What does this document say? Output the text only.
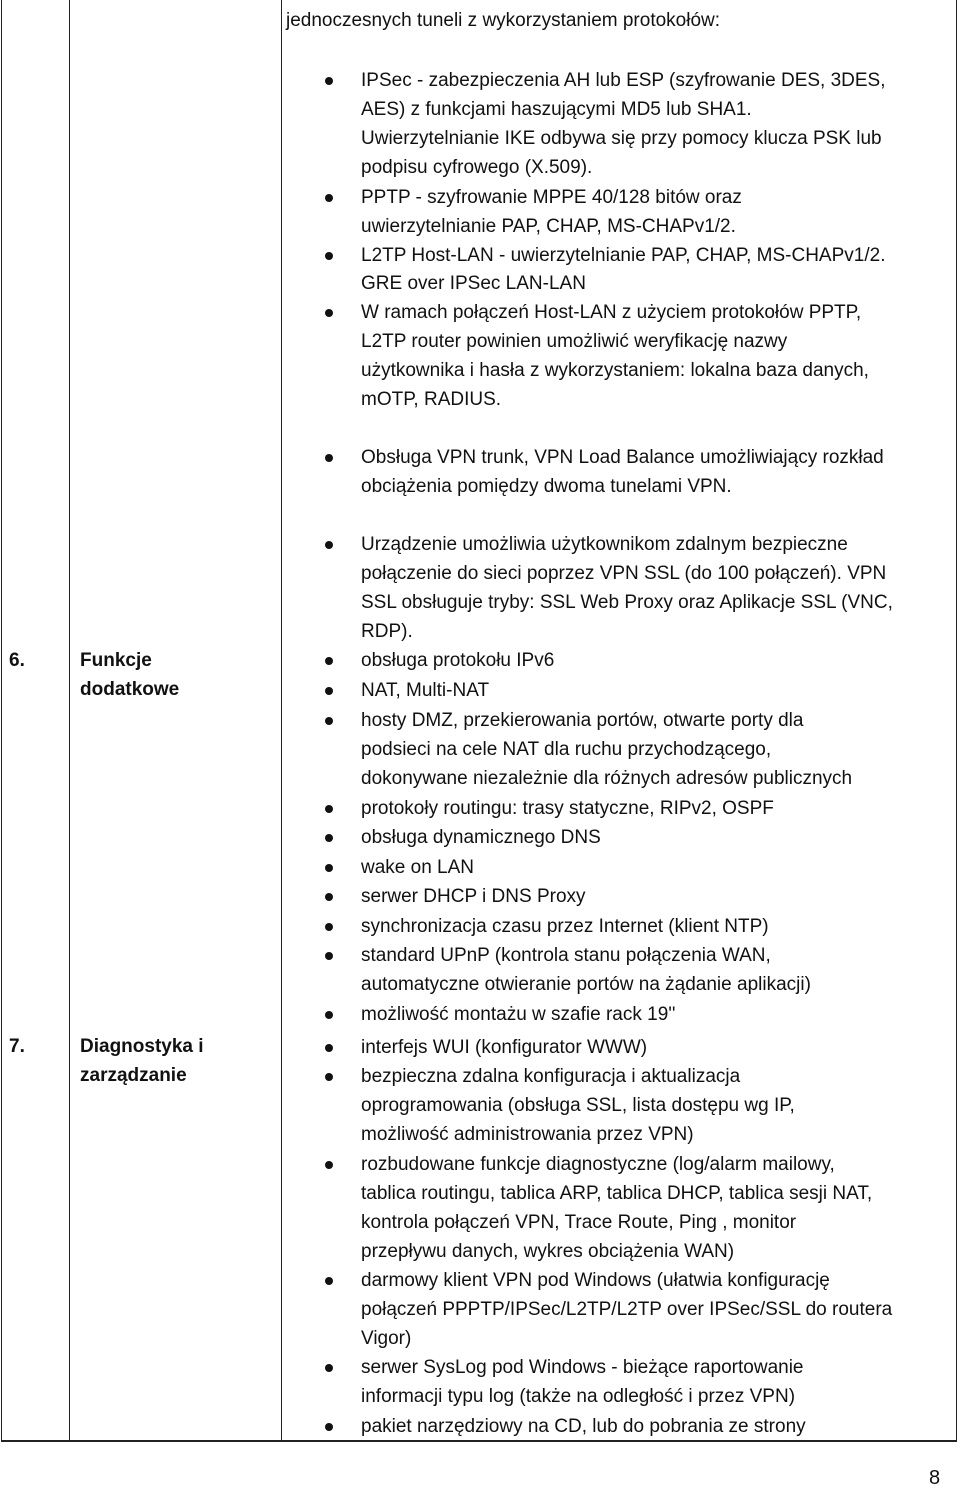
jednoczesnych tuneli z wykorzystaniem protokołów:
6.	Funkcje
dodatkowe
7.	Diagnostyka i
zarządzanie
IPSec - zabezpieczenia AH lub ESP (szyfrowanie DES, 3DES,
AES) z funkcjami haszującymi MD5 lub SHA1.
Uwierzytelnianie IKE odbywa się przy pomocy klucza PSK lub
podpisu cyfrowego (X.509).
PPTP - szyfrowanie MPPE 40/128 bitów oraz
uwierzytelnianie PAP, CHAP, MS-CHAPv1/2.
L2TP Host-LAN - uwierzytelnianie PAP, CHAP, MS-CHAPv1/2.
GRE over IPSec LAN-LAN
W ramach połączeń Host-LAN z użyciem protokołów PPTP,
L2TP router powinien umożliwić weryfikację nazwy
użytkownika i hasła z wykorzystaniem: lokalna baza danych,
mOTP, RADIUS.
Obsługa VPN trunk, VPN Load Balance umożliwiający rozkład
obciążenia pomiędzy dwoma tunelami VPN.
Urządzenie umożliwia użytkownikom zdalnym bezpieczne
połączenie do sieci poprzez VPN SSL (do 100 połączeń). VPN
SSL obsługuje tryby: SSL Web Proxy oraz Aplikacje SSL (VNC,
RDP).
obsługa protokołu IPv6
NAT, Multi-NAT
hosty DMZ, przekierowania portów, otwarte porty dla
podsieci na cele NAT dla ruchu przychodzącego,
dokonywane niezależnie dla różnych adresów publicznych
protokoły routingu: trasy statyczne, RIPv2, OSPF
obsługa dynamicznego DNS
wake on LAN
serwer DHCP i DNS Proxy
synchronizacja czasu przez Internet (klient NTP)
standard UPnP (kontrola stanu połączenia WAN,
automatyczne otwieranie portów na żądanie aplikacji)
możliwość montażu w szafie rack 19''
interfejs WUI (konfigurator WWW)
bezpieczna zdalna konfiguracja i aktualizacja
oprogramowania (obsługa SSL, lista dostępu wg IP,
możliwość administrowania przez VPN)
rozbudowane funkcje diagnostyczne (log/alarm mailowy,
tablica routingu, tablica ARP, tablica DHCP, tablica sesji NAT,
kontrola połączeń VPN, Trace Route, Ping , monitor
przepływu danych, wykres obciążenia WAN)
darmowy klient VPN pod Windows (ułatwia konfigurację
połączeń PPPTP/IPSec/L2TP/L2TP over IPSec/SSL do routera
Vigor)
serwer SysLog pod Windows - bieżące raportowanie
informacji typu log (także na odległość i przez VPN)
pakiet narzędziowy na CD, lub do pobrania ze strony
8
